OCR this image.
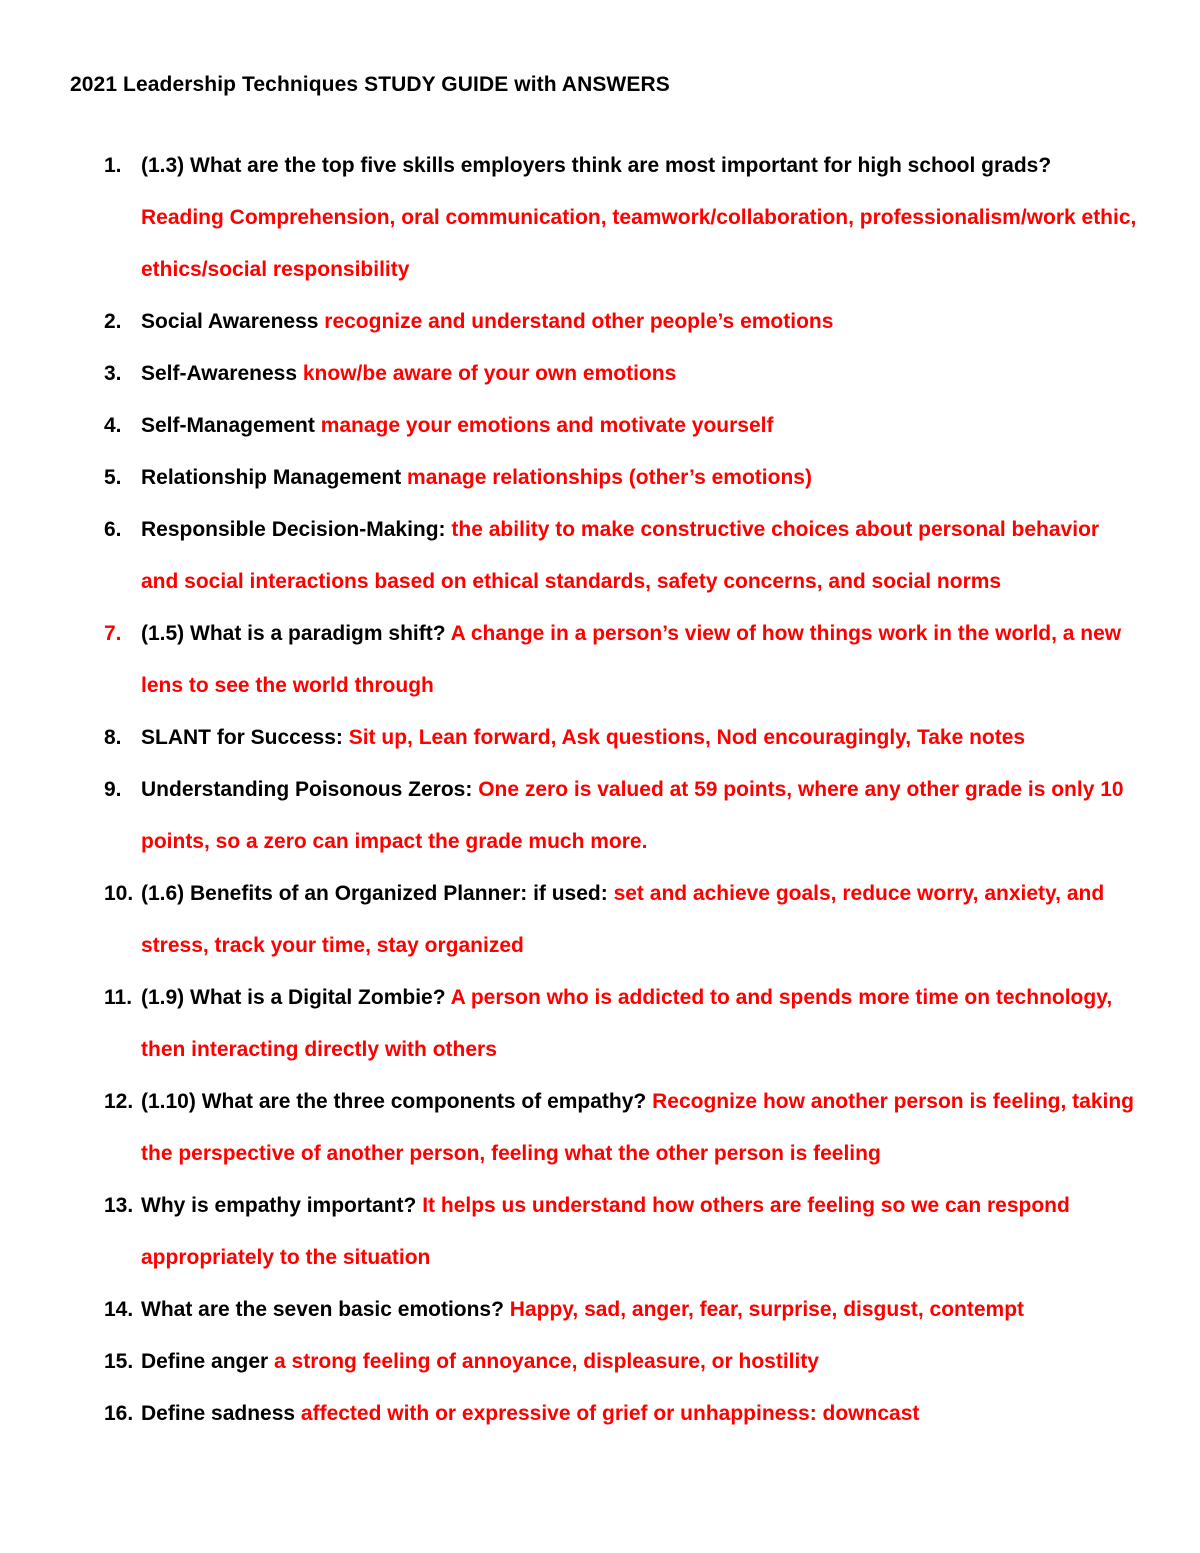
2021 Leadership Techniques STUDY GUIDE with ANSWERS
1. (1.3) What are the top five skills employers think are most important for high school grads?
Reading Comprehension, oral communication, teamwork/collaboration, professionalism/work ethic, ethics/social responsibility
2. Social Awareness recognize and understand other people’s emotions
3. Self-Awareness know/be aware of your own emotions
4. Self-Management manage your emotions and motivate yourself
5. Relationship Management manage relationships (other’s emotions)
6. Responsible Decision-Making: the ability to make constructive choices about personal behavior and social interactions based on ethical standards, safety concerns, and social norms
7. (1.5) What is a paradigm shift? A change in a person’s view of how things work in the world, a new lens to see the world through
8. SLANT for Success: Sit up, Lean forward, Ask questions, Nod encouragingly, Take notes
9. Understanding Poisonous Zeros: One zero is valued at 59 points, where any other grade is only 10 points, so a zero can impact the grade much more.
10. (1.6) Benefits of an Organized Planner: if used: set and achieve goals, reduce worry, anxiety, and stress, track your time, stay organized
11. (1.9) What is a Digital Zombie? A person who is addicted to and spends more time on technology, then interacting directly with others
12. (1.10) What are the three components of empathy? Recognize how another person is feeling, taking the perspective of another person, feeling what the other person is feeling
13. Why is empathy important? It helps us understand how others are feeling so we can respond appropriately to the situation
14. What are the seven basic emotions? Happy, sad, anger, fear, surprise, disgust, contempt
15. Define anger a strong feeling of annoyance, displeasure, or hostility
16. Define sadness affected with or expressive of grief or unhappiness: downcast
